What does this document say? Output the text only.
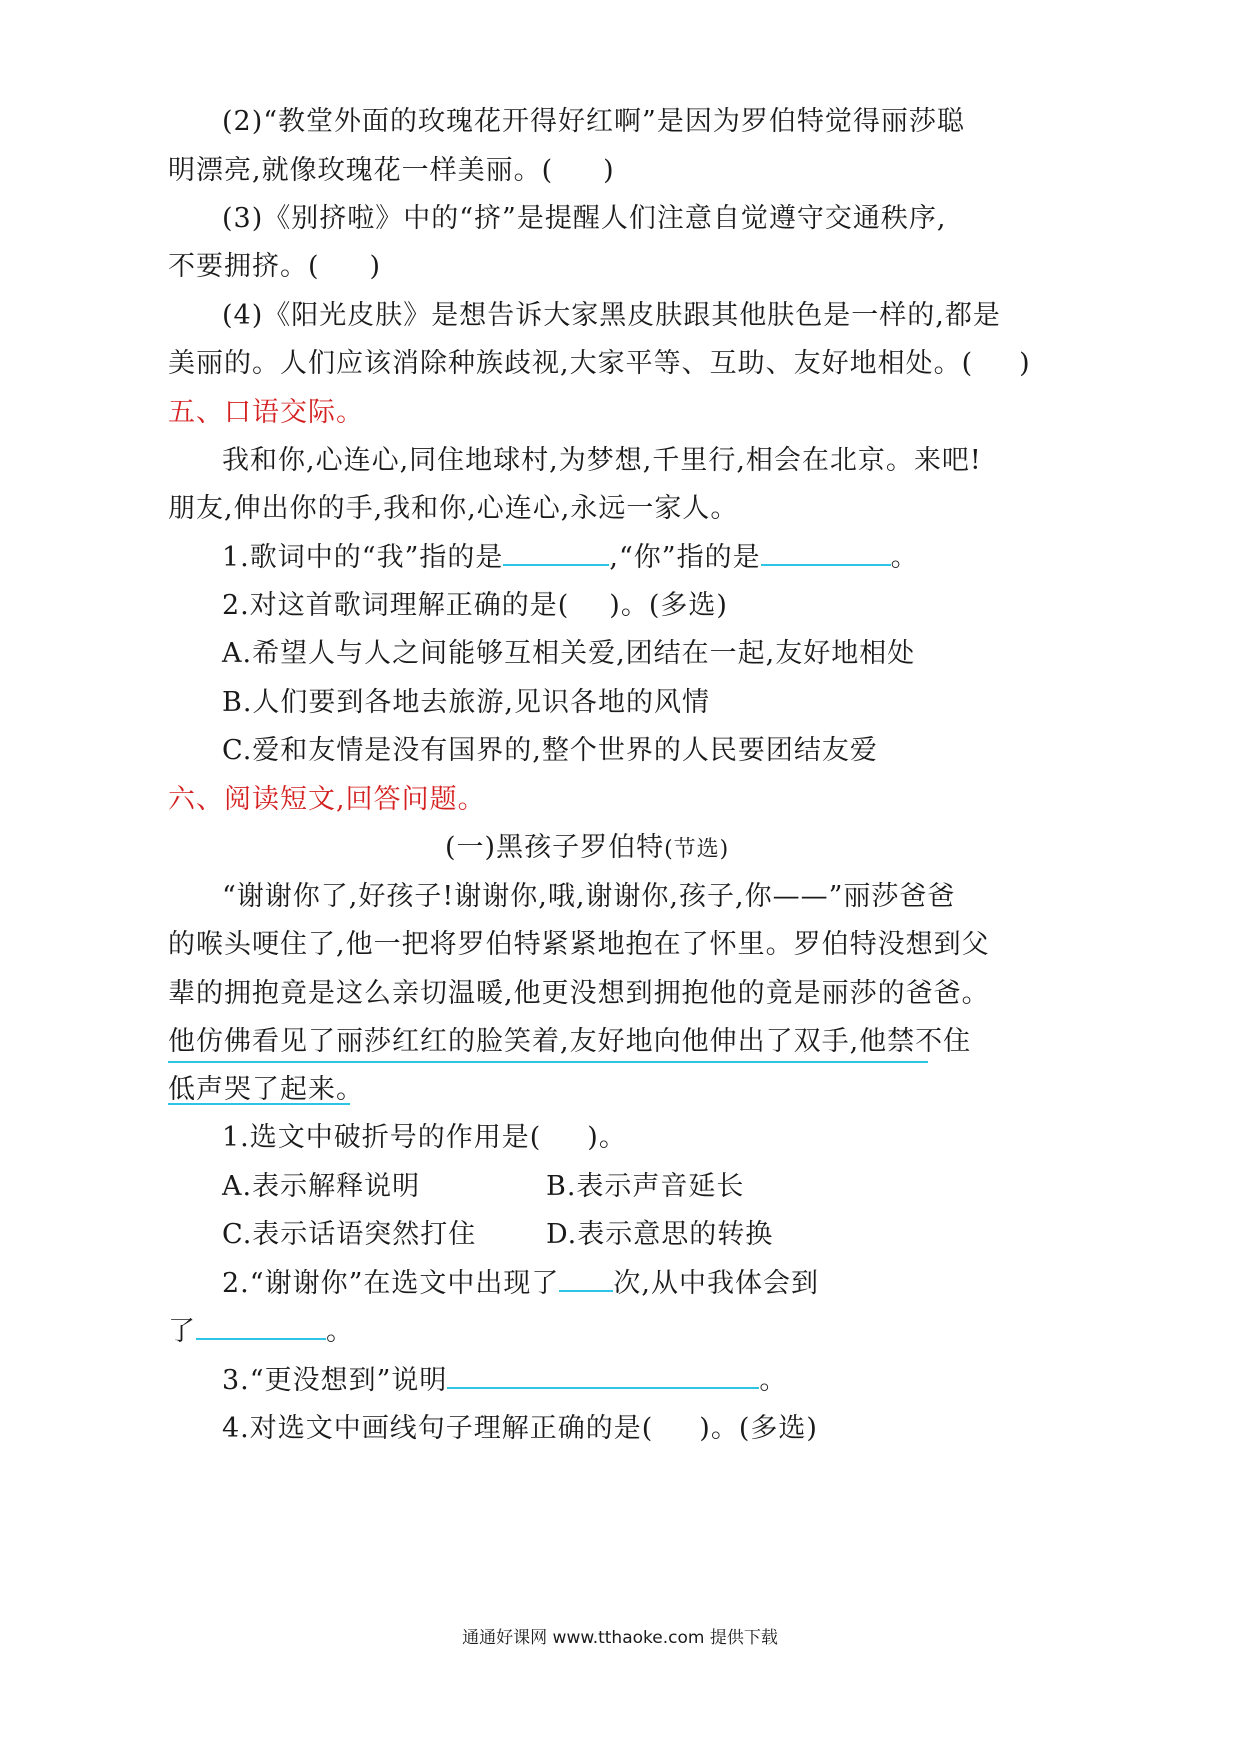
(2)“教堂外面的玫瑰花开得好红啊”是因为罗伯特觉得丽莎聪
明漂亮,就像玫瑰花一样美丽。( )
(3)《别挤啦》中的“挤”是提醒人们注意自觉遵守交通秩序,
不要拥挤。( )
(4)《阳光皮肤》是想告诉大家黑皮肤跟其他肤色是一样的,都是
美丽的。人们应该消除种族歧视,大家平等、互助、友好地相处。( )
五、口语交际。
我和你,心连心,同住地球村,为梦想,千里行,相会在北京。来吧!
朋友,伸出你的手,我和你,心连心,永远一家人。
1.歌词中的“我”指的是	,“你”指的是	。
2.对这首歌词理解正确的是( )。(多选)
A.希望人与人之间能够互相关爱,团结在一起,友好地相处
B.人们要到各地去旅游,见识各地的风情
C.爱和友情是没有国界的,整个世界的人民要团结友爱
六、阅读短文,回答问题。
(一)黑孩子罗伯特(节选)
“谢谢你了,好孩子!谢谢你,哦,谢谢你,孩子,你——”丽莎爸爸
的喉头哽住了,他一把将罗伯特紧紧地抱在了怀里。罗伯特没想到父
辈的拥抱竟是这么亲切温暖,他更没想到拥抱他的竟是丽莎的爸爸。
他仿佛看见了丽莎红红的脸笑着,友好地向他伸出了双手,他禁不住
低声哭了起来。
1.选文中破折号的作用是( )。
A.表示解释说明	B.表示声音延长
C.表示话语突然打住	D.表示意思的转换
2.“谢谢你”在选文中出现了 次,从中我体会到
了	。
3.“更没想到”说明	。
4.对选文中画线句子理解正确的是( )。(多选)
通通好课网 www.tthaoke.com 提供下载
